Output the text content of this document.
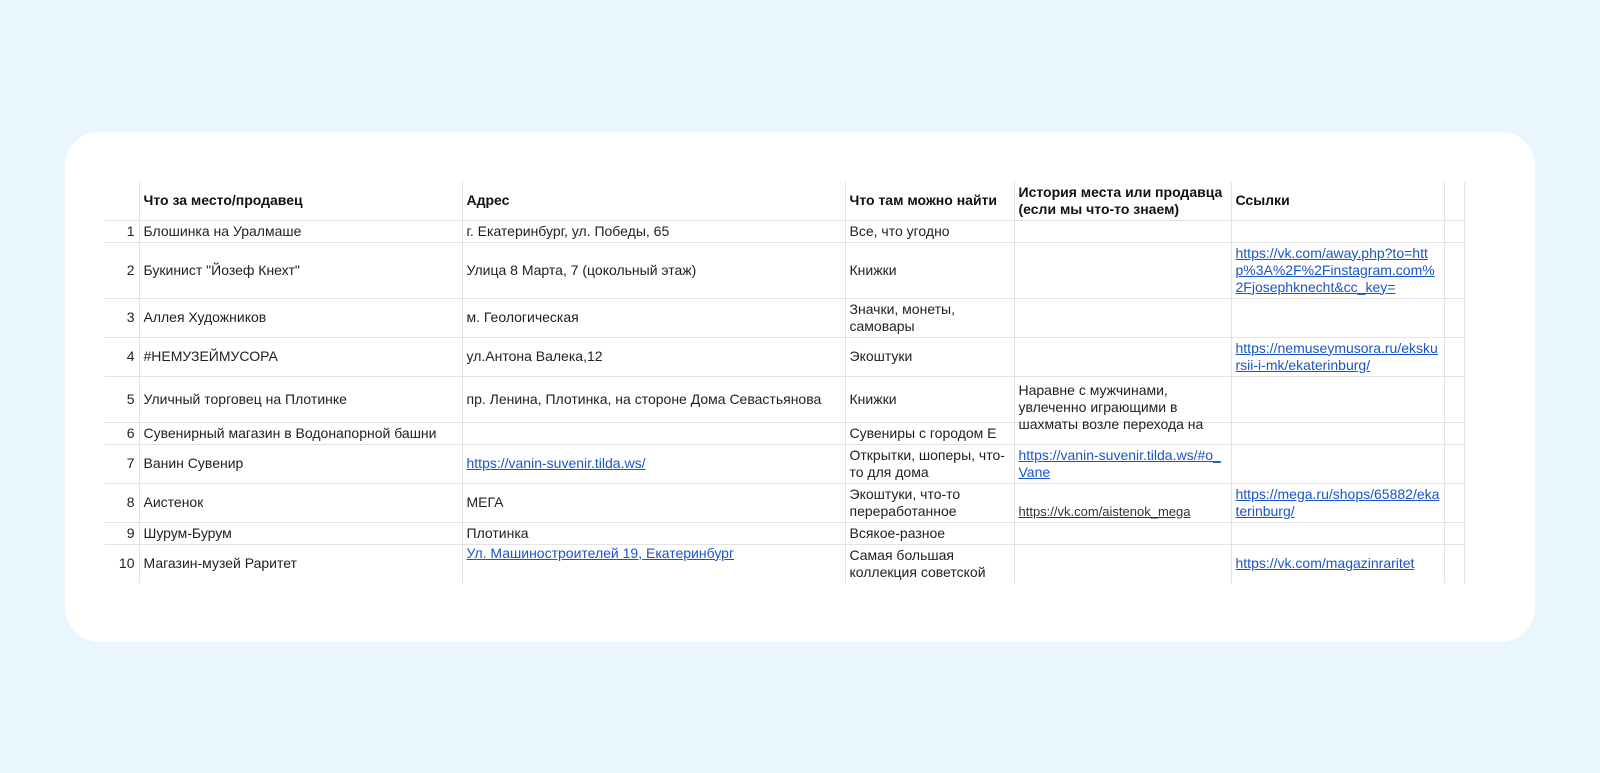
	Что за место/продавец	Адрес	Что там можно найти	История места или продавца (если мы что-то знаем)	Ссылки	
1	Блошинка на Уралмаше	г. Екатеринбург, ул. Победы, 65	Все, что угодно			
2	Букинист "Йозеф Кнехт"	Улица 8 Марта, 7 (цокольный этаж)	Книжки		https://vk.com/away.php?to=http%3A%2F%2Finstagram.com%2Fjosephknecht&cc_key=	
3	Аллея Художников	м. Геологическая	Значки, монеты, самовары			

4	#НЕМУЗЕЙМУСОРА	ул.Антона Валека,12	Экоштуки		https://nemuseymusora.ru/ekskursii-i-mk/ekaterinburg/	
5	Уличный торговец на Плотинке	пр. Ленина, Плотинка, на стороне Дома Севастьянова	Книжки	Наравне с мужчинами, увлеченно играющими в шахматы возле перехода на		

6	Сувенирный магазин в Водонапорной башни		Сувениры с городом Е			

7	Ванин Сувенир	https://vanin-suvenir.tilda.ws/	Открытки, шоперы, что-то для дома	https://vanin-suvenir.tilda.ws/#o_Vane		
8	Аистенок	МЕГА	Экоштуки, что-то переработанное	https://vk.com/aistenok_mega	https://mega.ru/shops/65882/ekaterinburg/	
9	Шурум-Бурум	Плотинка	Всякое-разное			
10	Магазин-музей Раритет	Ул. Машиностроителей 19, Екатеринбург	Самая большая коллекция советской		https://vk.com/magazinraritet	
